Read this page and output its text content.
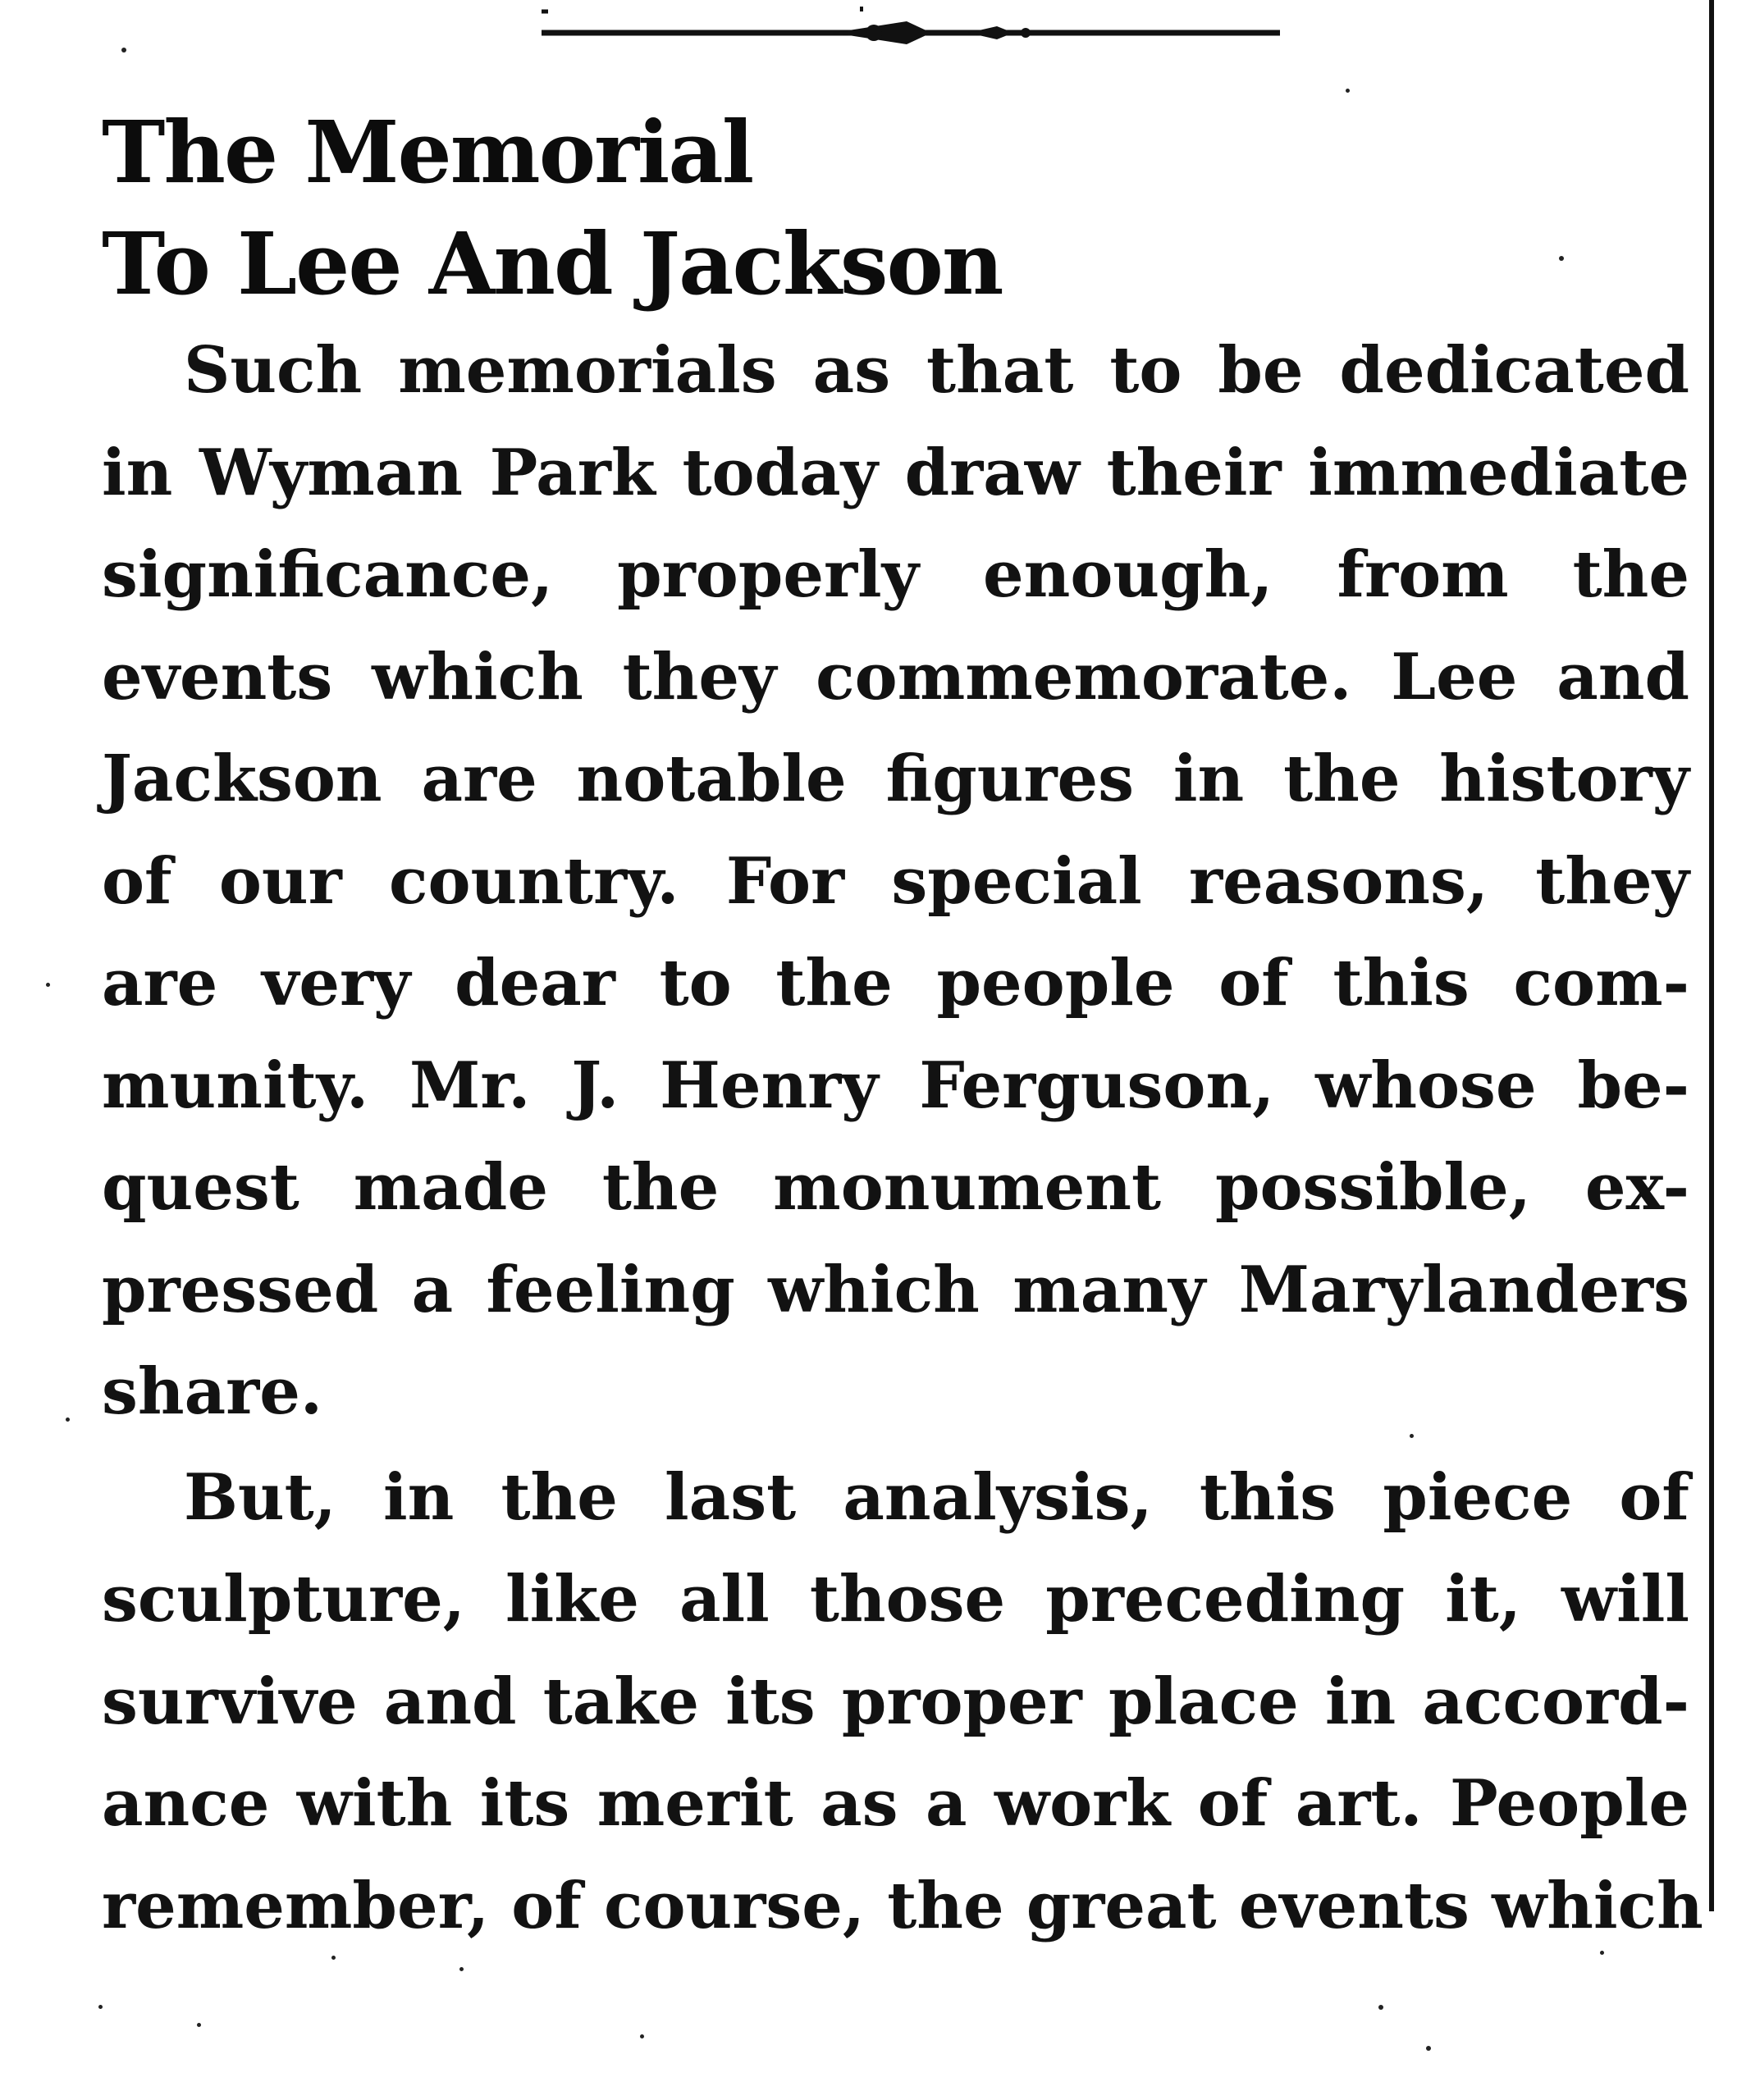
The Memorial
To Lee And Jackson

Such memorials as that to be dedicated
in Wyman Park today draw their immediate
significance, properly enough, from the
events which they commemorate. Lee and
Jackson are notable figures in the history
of our country. For special reasons, they
are very dear to the people of this com-
munity. Mr. J. Henry Ferguson, whose be-
quest made the monument possible, ex-
pressed a feeling which many Marylanders
share.

But, in the last analysis, this piece of
sculpture, like all those preceding it, will
survive and take its proper place in accord-
ance with its merit as a work of art. People
remember, of course, the great events which
